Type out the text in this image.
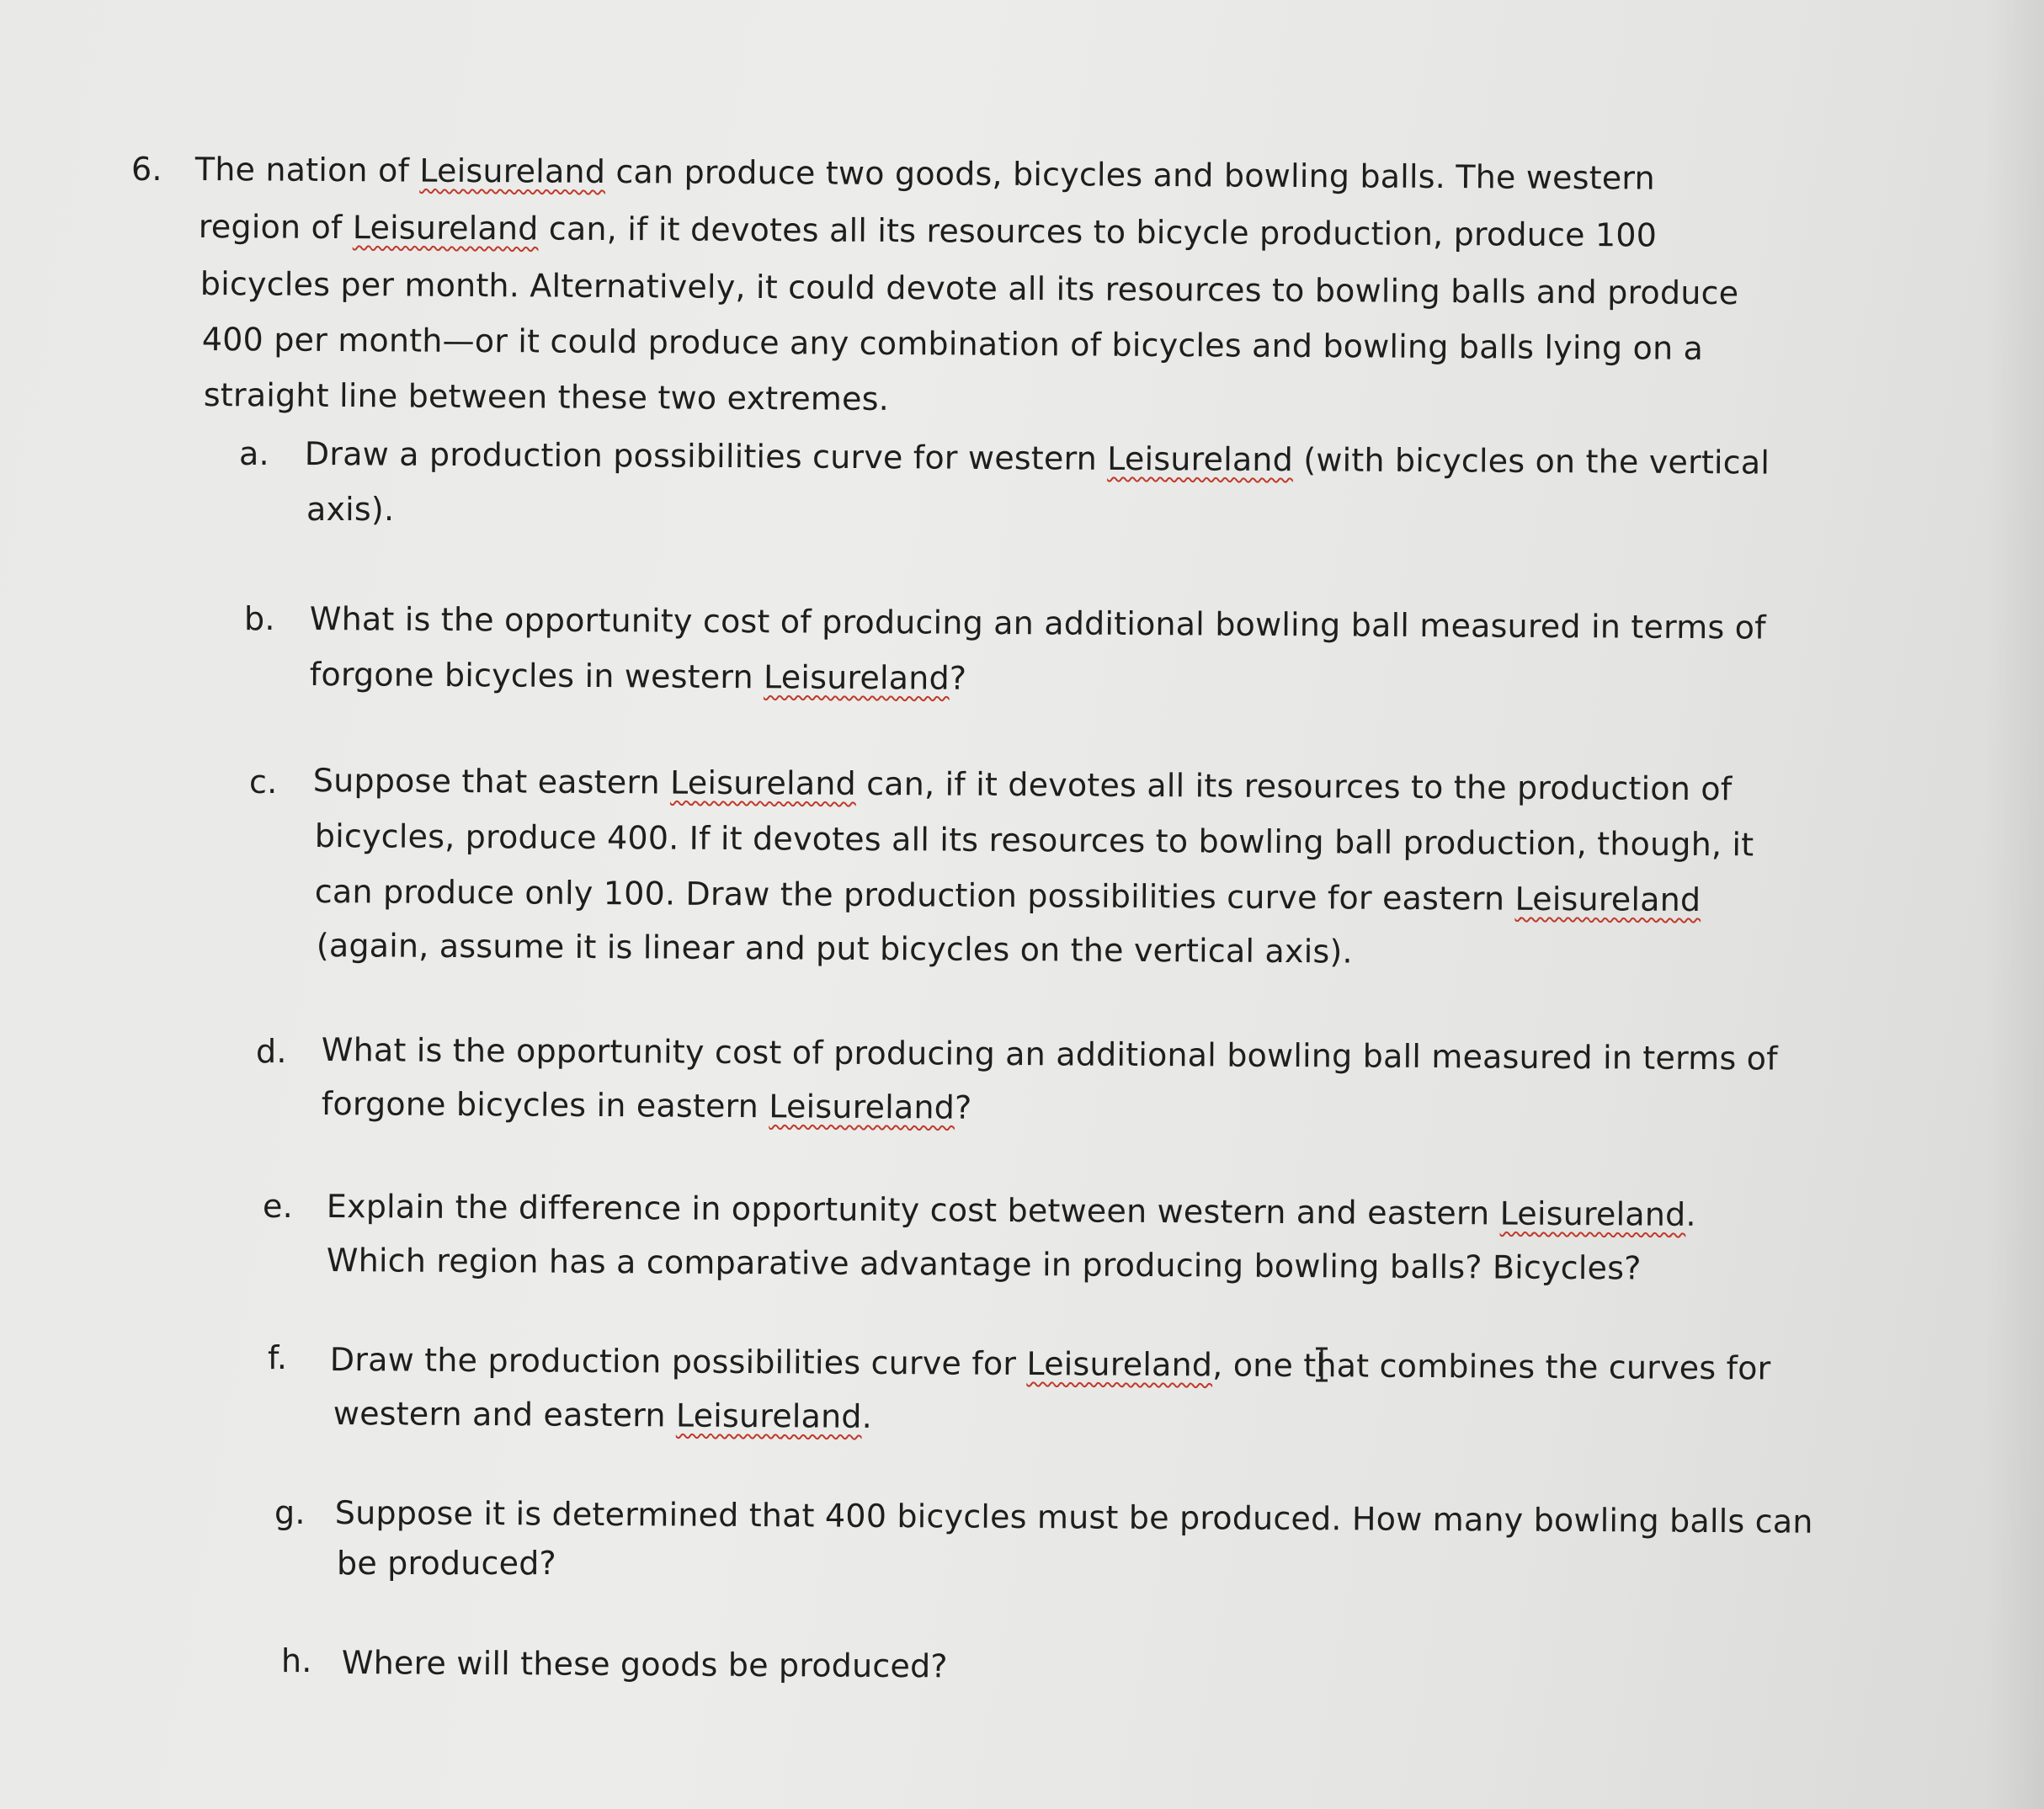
6. The nation of Leisureland can produce two goods, bicycles and bowling balls. The western

region of Leisureland can, if it devotes all its resources to bicycle production, produce 100

bicycles per month. Alternatively, it could devote all its resources to bowling balls and produce

400 per month—or it could produce any combination of bicycles and bowling balls lying on a

straight line between these two extremes.

a. Draw a production possibilities curve for western Leisureland (with bicycles on the vertical

axis).

b. What is the opportunity cost of producing an additional bowling ball measured in terms of

forgone bicycles in western Leisureland?

c. Suppose that eastern Leisureland can, if it devotes all its resources to the production of

bicycles, produce 400. If it devotes all its resources to bowling ball production, though, it

can produce only 100. Draw the production possibilities curve for eastern Leisureland

(again, assume it is linear and put bicycles on the vertical axis).

d. What is the opportunity cost of producing an additional bowling ball measured in terms of

forgone bicycles in eastern Leisureland?

e. Explain the difference in opportunity cost between western and eastern Leisureland.

Which region has a comparative advantage in producing bowling balls? Bicycles?

f. Draw the production possibilities curve for Leisureland, one that combines the curves for

western and eastern Leisureland.

g. Suppose it is determined that 400 bicycles must be produced. How many bowling balls can

be produced?

h. Where will these goods be produced?
